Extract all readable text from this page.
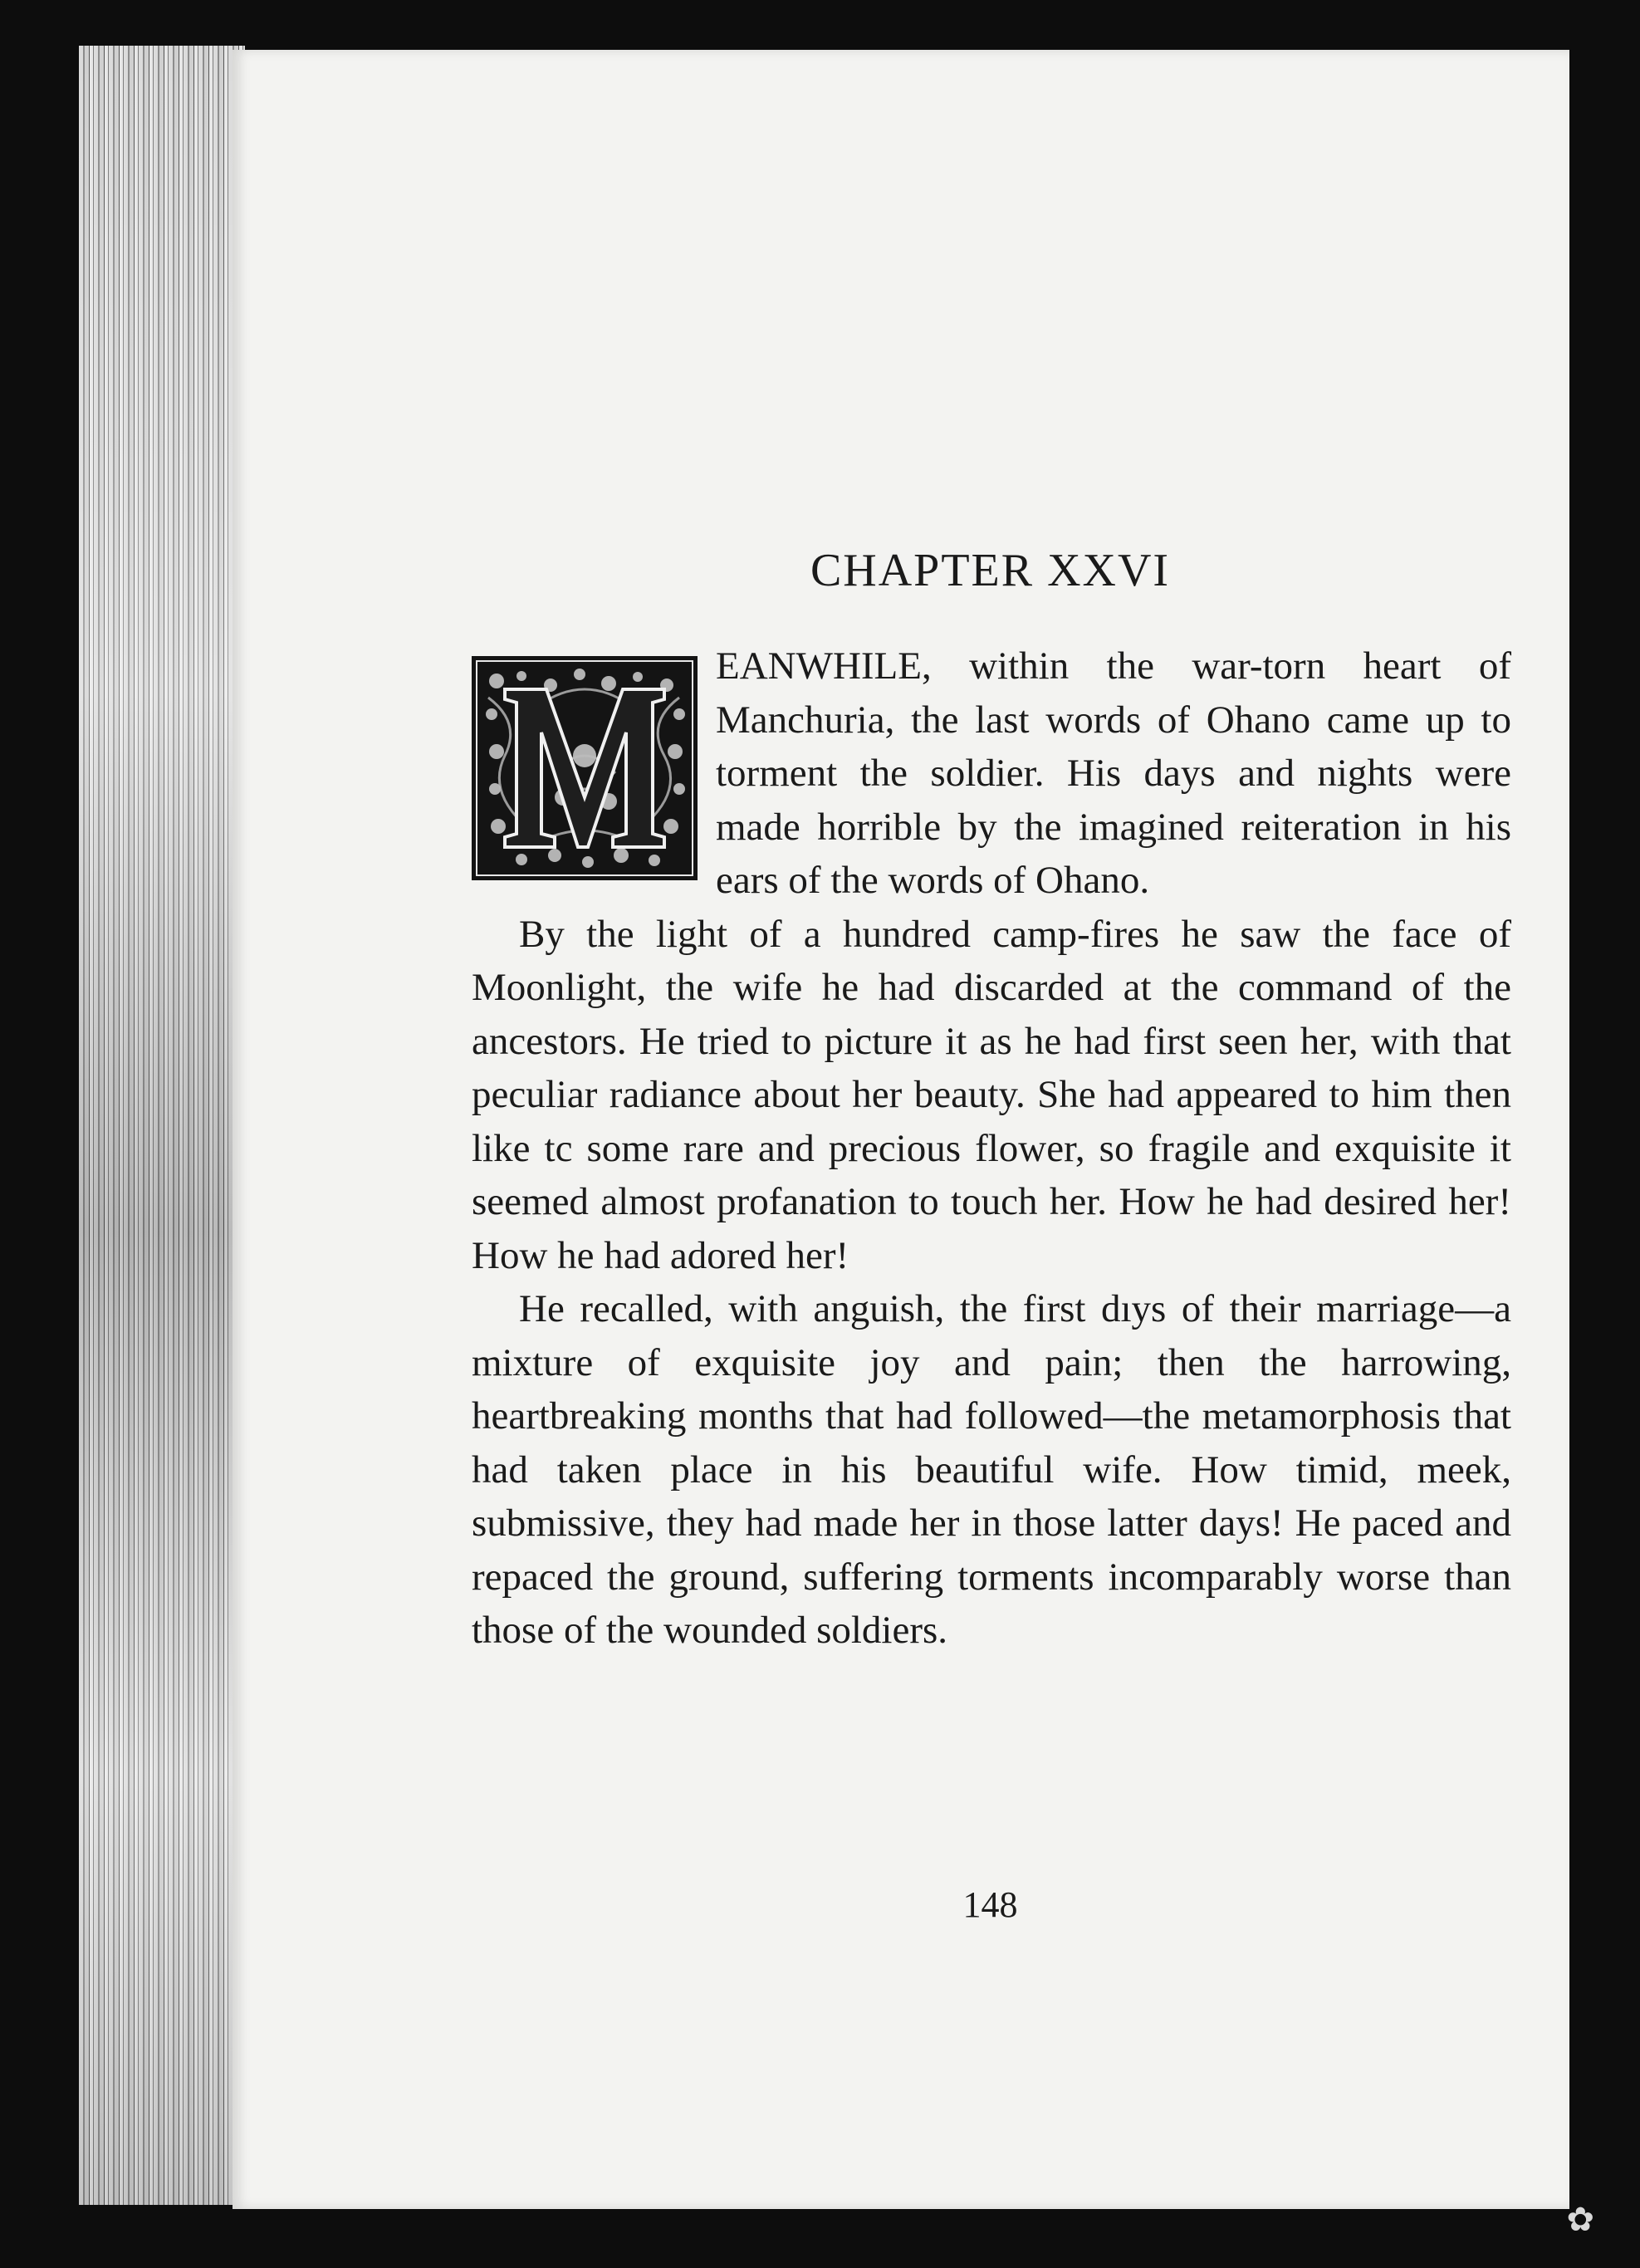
CHAPTER XXVI

EANWHILE, within the war-torn heart of Manchuria, the last words of Ohano came up to torment the soldier. His days and nights were made horrible by the imagined reiteration in his ears of the words of Ohano.

By the light of a hundred camp-fires he saw the face of Moonlight, the wife he had discarded at the command of the ancestors. He tried to picture it as he had first seen her, with that peculiar radiance about her beauty. She had appeared to him then like tc some rare and precious flower, so fragile and exquisite it seemed almost profanation to touch her. How he had desired her! How he had adored her!

He recalled, with anguish, the first dıys of their marriage—a mixture of exquisite joy and pain; then the harrowing, heartbreaking months that had followed—the metamorphosis that had taken place in his beautiful wife. How timid, meek, submissive, they had made her in those latter days! He paced and repaced the ground, suffering torments incomparably worse than those of the wounded soldiers.

148
✿
